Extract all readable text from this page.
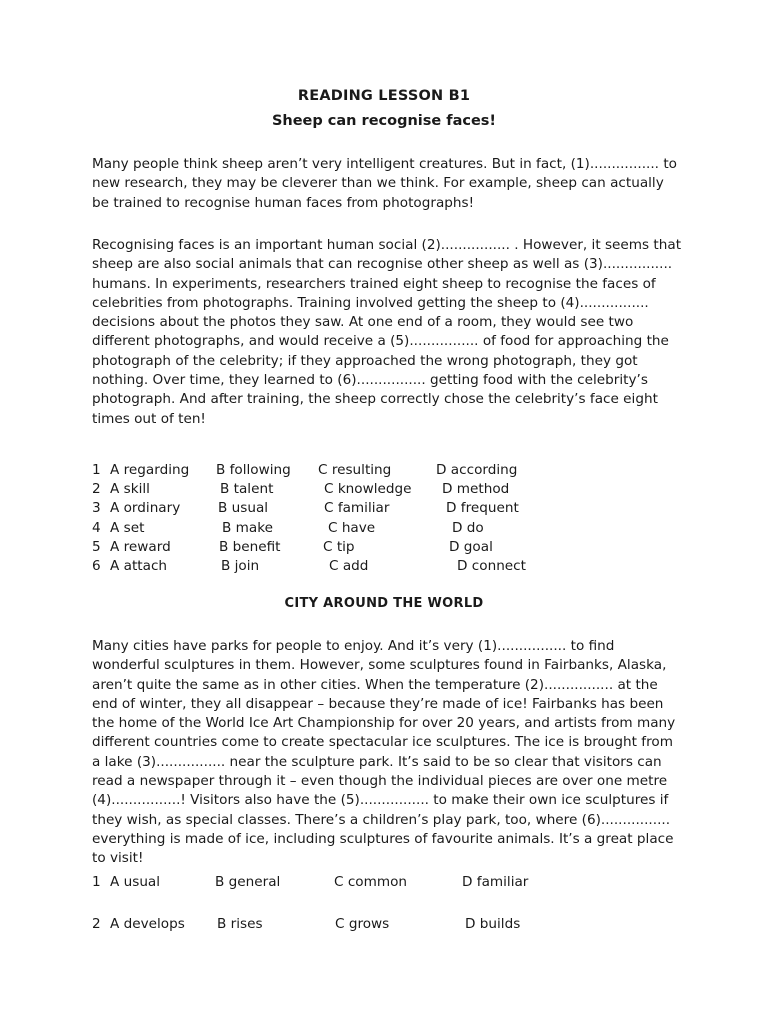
READING LESSON B1
Sheep can recognise faces!

Many people think sheep aren’t very intelligent creatures. But in fact, (1)................ to new research, they may be cleverer than we think. For example, sheep can actually be trained to recognise human faces from photographs!

Recognising faces is an important human social (2)................ . However, it seems that sheep are also social animals that can recognise other sheep as well as (3)................ humans. In experiments, researchers trained eight sheep to recognise the faces of celebrities from photographs. Training involved getting the sheep to (4)................ decisions about the photos they saw. At one end of a room, they would see two different photographs, and would receive a (5)................ of food for approaching the photograph of the celebrity; if they approached the wrong photograph, they got nothing. Over time, they learned to (6)................ getting food with the celebrity’s photograph. And after training, the sheep correctly chose the celebrity’s face eight times out of ten!

1 A regarding B following C resulting	D according
2 A skill	B talent	C knowledge D method
3 A ordinary	B usual	C familiar	D frequent
4 A set	B make	C have	D do
5 A reward	B benefit	C tip	D goal
6 A attach	B join	C add	D connect
CITY AROUND THE WORLD

Many cities have parks for people to enjoy. And it’s very (1)................ to find wonderful sculptures in them. However, some sculptures found in Fairbanks, Alaska, aren’t quite the same as in other cities. When the temperature (2)................ at the end of winter, they all disappear – because they’re made of ice! Fairbanks has been the home of the World Ice Art Championship for over 20 years, and artists from many different countries come to create spectacular ice sculptures. The ice is brought from a lake (3)................ near the sculpture park. It’s said to be so clear that visitors can read a newspaper through it – even though the individual pieces are over one metre (4)................! Visitors also have the (5)................ to make their own ice sculptures if they wish, as special classes. There’s a children’s play park, too, where (6)................ everything is made of ice, including sculptures of favourite animals. It’s a great place to visit!

1 A usual	B general	C common	D familiar
2 A develops B rises	C grows	D builds
